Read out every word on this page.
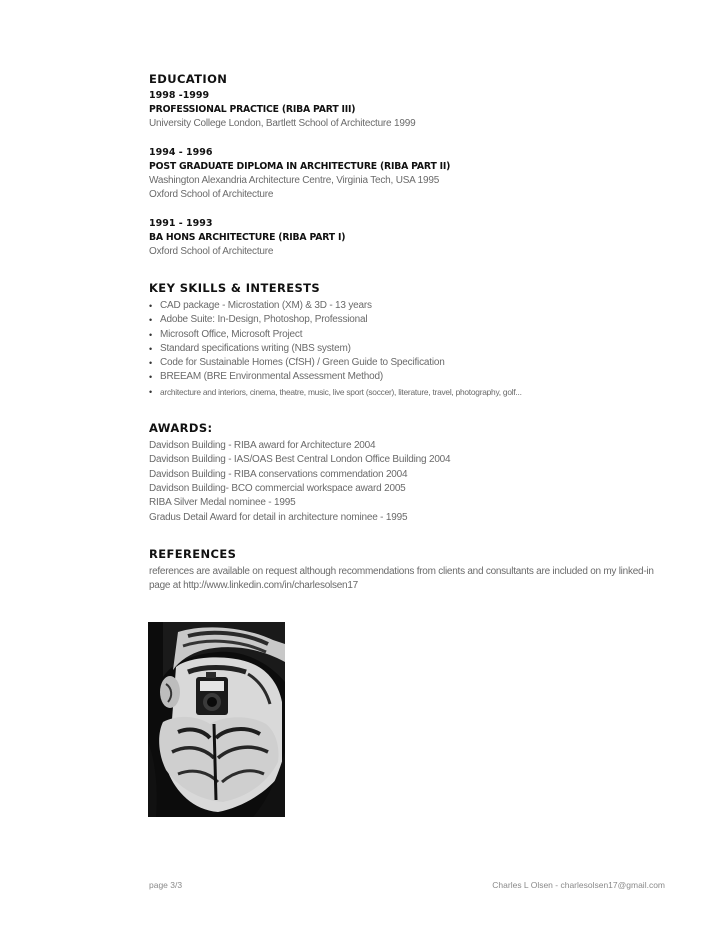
EDUCATION
1998 -1999
PROFESSIONAL PRACTICE (RIBA PART III)
University College London, Bartlett School of Architecture 1999
1994 - 1996
POST GRADUATE DIPLOMA IN ARCHITECTURE (RIBA PART II)
Washington Alexandria Architecture Centre, Virginia Tech, USA 1995
Oxford School of Architecture
1991 - 1993
BA HONS ARCHITECTURE (RIBA PART I)
Oxford School of Architecture
KEY SKILLS & INTERESTS
• CAD package - Microstation (XM) & 3D - 13 years
• Adobe Suite: In-Design, Photoshop, Professional
• Microsoft Office, Microsoft Project
• Standard specifications writing (NBS system)
• Code for Sustainable Homes (CfSH) / Green Guide to Specification
• BREEAM (BRE Environmental Assessment Method)
• architecture and interiors, cinema, theatre, music, live sport (soccer), literature, travel, photography, golf...
AWARDS:
Davidson Building - RIBA award for Architecture 2004
Davidson Building - IAS/OAS Best Central London Office Building 2004
Davidson Building - RIBA conservations commendation 2004
Davidson Building- BCO commercial workspace award 2005
RIBA Silver Medal nominee - 1995
Gradus Detail Award for detail in architecture nominee - 1995
REFERENCES
references are available on request although recommendations from clients and consultants are included on my linked-in page at http://www.linkedin.com/in/charlesolsen17
page 3/3	Charles L Olsen - charlesolsen17@gmail.com
